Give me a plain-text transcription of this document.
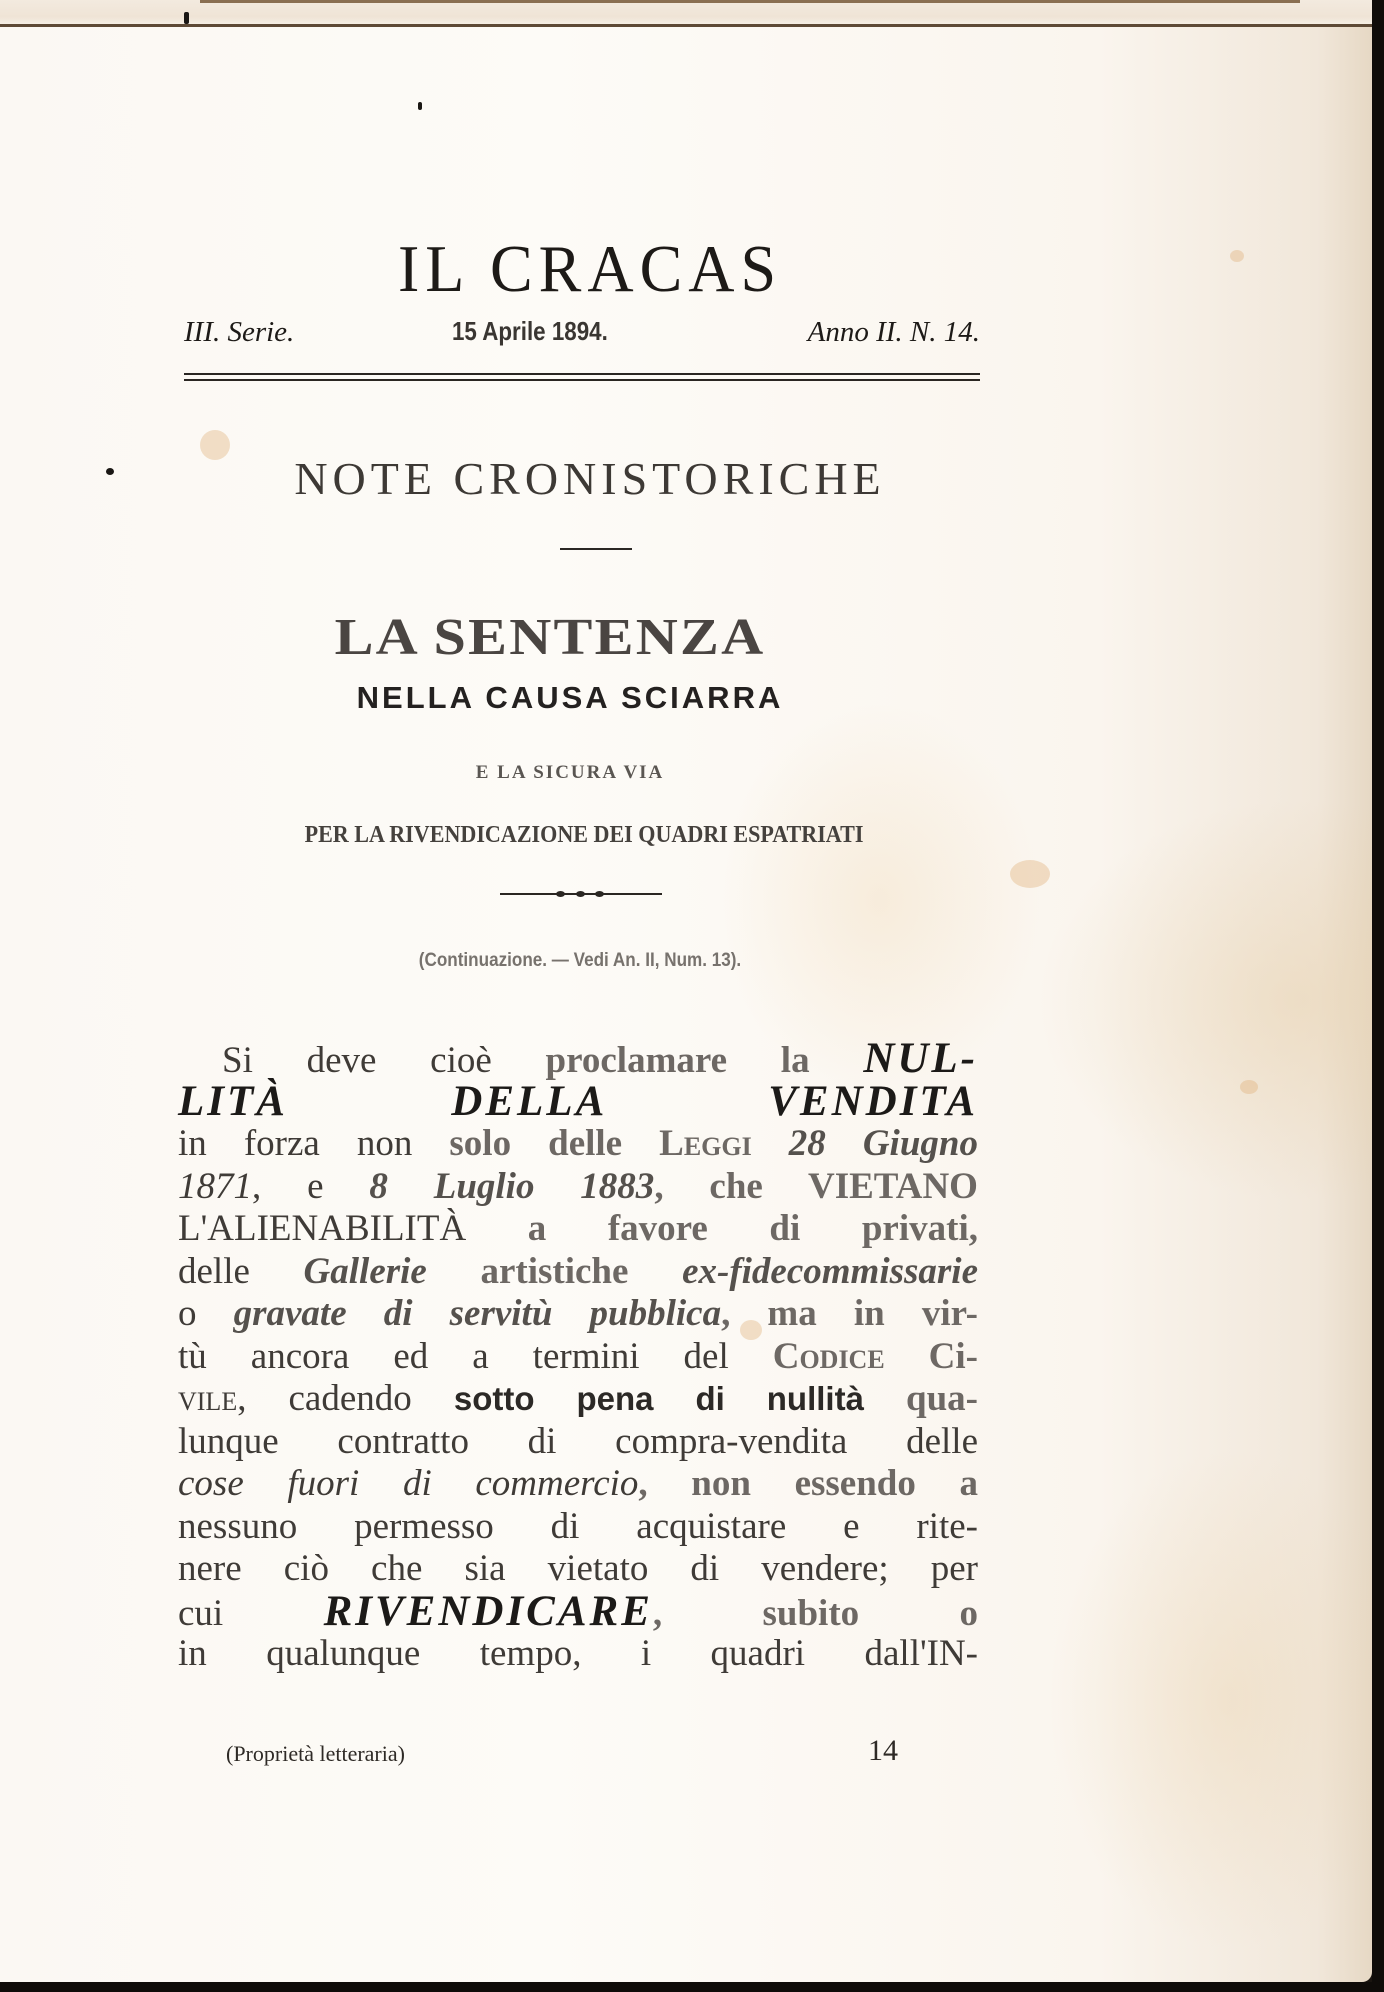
IL CRACAS
III. Serie.	15 Aprile 1894.	Anno II. N. 14.
NOTE CRONISTORICHE
LA SENTENZA
NELLA CAUSA SCIARRA
E LA SICURA VIA
PER LA RIVENDICAZIONE DEI QUADRI ESPATRIATI
(Continuazione. — Vedi An. II, Num. 13).
Si deve cioè proclamare la NUL-
LITÀ DELLA VENDITA
in forza non solo delle Leggi 28 Giugno
1871, e 8 Luglio 1883, che VIETANO
L'ALIENABILITÀ a favore di privati,
delle Gallerie artistiche ex-fidecommissarie
o gravate di servitù pubblica, ma in vir-
tù ancora ed a termini del Codice Ci-
vile, cadendo sotto pena di nullità qua-
lunque contratto di compra-vendita delle
cose fuori di commercio, non essendo a
nessuno permesso di acquistare e rite-
nere ciò che sia vietato di vendere; per
cui RIVENDICARE, subito o
in qualunque tempo, i quadri dall'IN-
(Proprietà letteraria)	14
